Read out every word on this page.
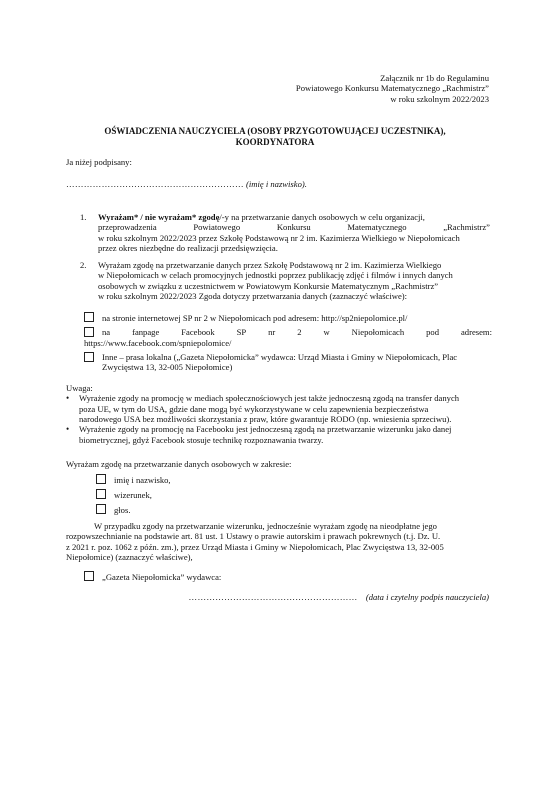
Załącznik nr 1b do Regulaminu
Powiatowego Konkursu Matematycznego „Rachmistrz”
w roku szkolnym 2022/2023
OŚWIADCZENIA NAUCZYCIELA (OSOBY PRZYGOTOWUJĄCEJ UCZESTNIKA),
KOORDYNATORA
Ja niżej podpisany:
…………………………………………………… (imię i nazwisko).
1. Wyrażam* / nie wyrażam* zgodę/-y na przetwarzanie danych osobowych w celu organizacji,
przeprowadzenia	Powiatowego	Konkursu	Matematycznego	„Rachmistrz”
w roku szkolnym 2022/2023 przez Szkołę Podstawową nr 2 im. Kazimierza Wielkiego w Niepołomicach
przez okres niezbędne do realizacji przedsięwzięcia.
2. Wyrażam zgodę na przetwarzanie danych przez Szkołę Podstawową nr 2 im. Kazimierza Wielkiego
w Niepołomicach w celach promocyjnych jednostki poprzez publikację zdjęć i filmów i innych danych
osobowych w związku z uczestnictwem w Powiatowym Konkursie Matematycznym „Rachmistrz”
w roku szkolnym 2022/2023 Zgoda dotyczy przetwarzania danych (zaznaczyć właściwe):
na stronie internetowej SP nr 2 w Niepołomicach pod adresem: http://sp2niepolomice.pl/
na	fanpage	Facebook	SP	nr	2	w	Niepołomicach	pod	adresem:
https://www.facebook.com/spniepolomice/
Inne – prasa lokalna („Gazeta Niepołomicka” wydawca: Urząd Miasta i Gminy w Niepołomicach, Plac
Zwycięstwa 13, 32-005 Niepołomice)
Uwaga:
• Wyrażenie zgody na promocję w mediach społecznościowych jest także jednoczesną zgodą na transfer danych
poza UE, w tym do USA, gdzie dane mogą być wykorzystywane w celu zapewnienia bezpieczeństwa
narodowego USA bez możliwości skorzystania z praw, które gwarantuje RODO (np. wniesienia sprzeciwu).
• Wyrażenie zgody na promocję na Facebooku jest jednoczesną zgodą na przetwarzanie wizerunku jako danej
biometrycznej, gdyż Facebook stosuje technikę rozpoznawania twarzy.
Wyrażam zgodę na przetwarzanie danych osobowych w zakresie:
imię i nazwisko,
wizerunek,
głos.
W przypadku zgody na przetwarzanie wizerunku, jednocześnie wyrażam zgodę na nieodpłatne jego
rozpowszechnianie na podstawie art. 81 ust. 1 Ustawy o prawie autorskim i prawach pokrewnych (t.j. Dz. U.
z 2021 r. poz. 1062 z późn. zm.), przez Urząd Miasta i Gminy w Niepołomicach, Plac Zwycięstwa 13, 32-005
Niepołomice) (zaznaczyć właściwe),
„Gazeta Niepołomicka” wydawca:
………………………………………………… (data i czytelny podpis nauczyciela)
